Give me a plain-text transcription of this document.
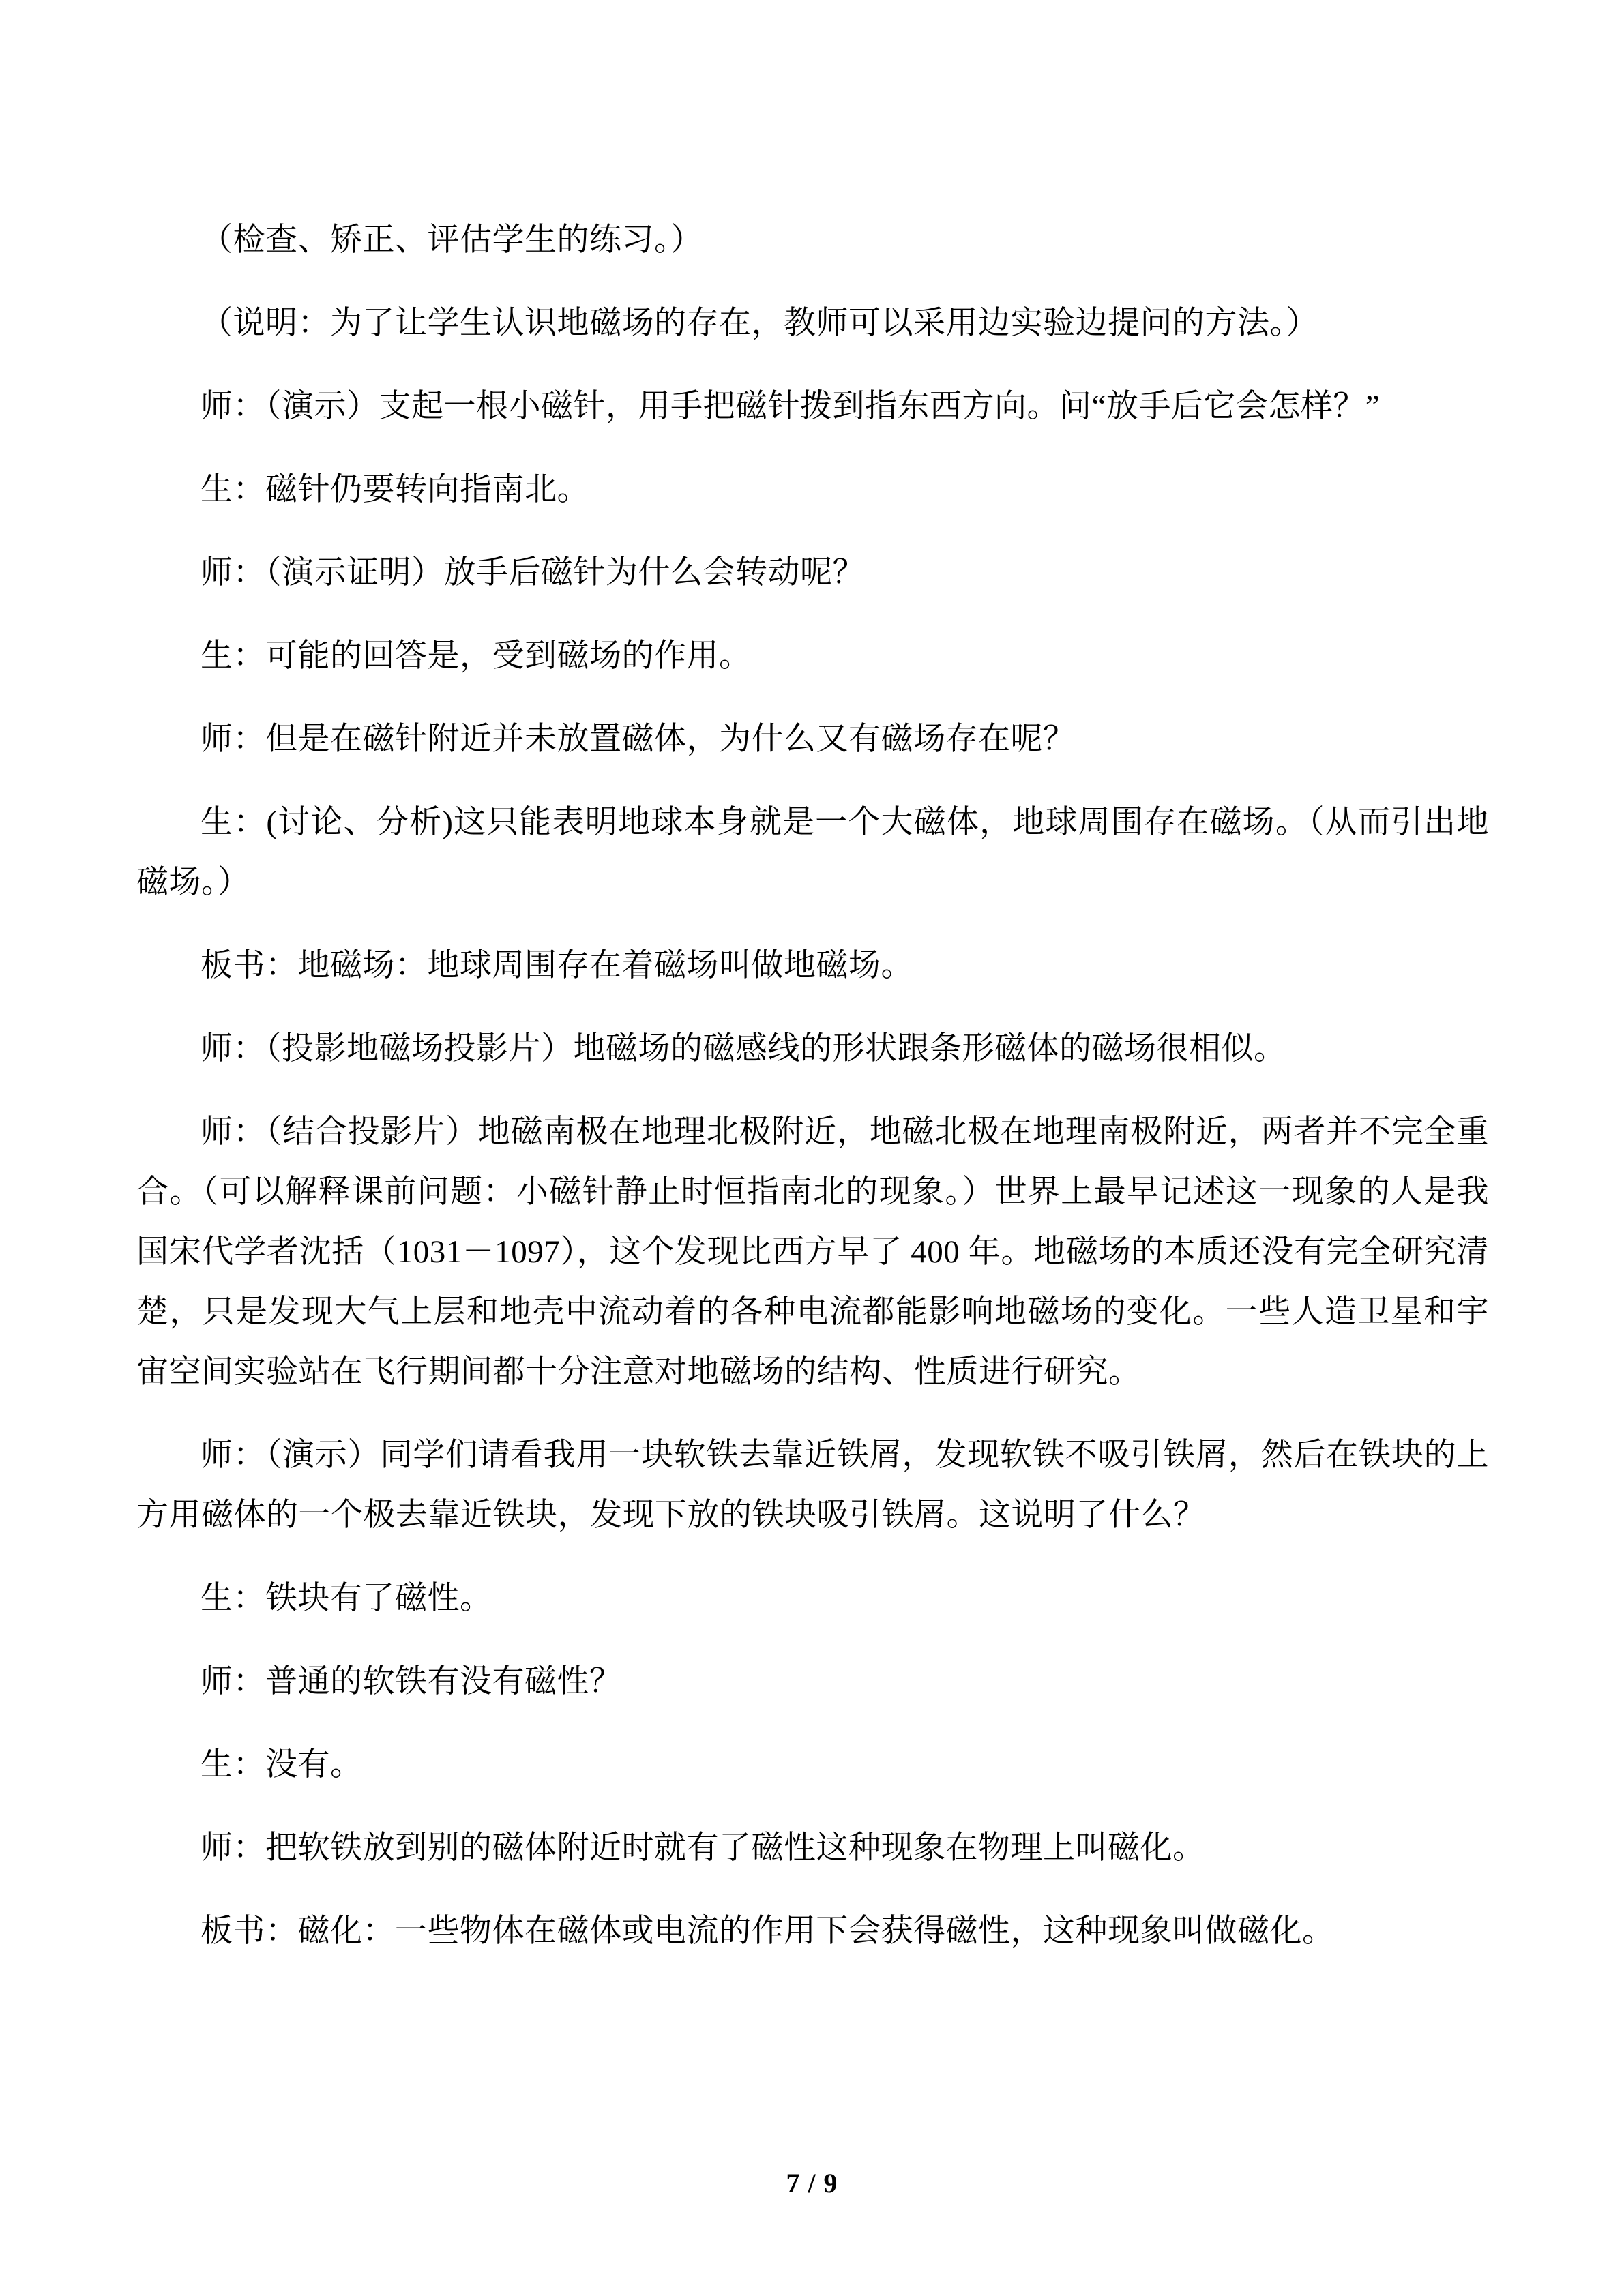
（检查、矫正、评估学生的练习。）

（说明：为了让学生认识地磁场的存在，教师可以采用边实验边提问的方法。）

师：（演示）支起一根小磁针，用手把磁针拨到指东西方向。问“放手后它会怎样？”

生：磁针仍要转向指南北。

师：（演示证明）放手后磁针为什么会转动呢？

生：可能的回答是，受到磁场的作用。

师：但是在磁针附近并未放置磁体，为什么又有磁场存在呢？

生：(讨论、分析)这只能表明地球本身就是一个大磁体，地球周围存在磁场。（从而引出地磁场。）

板书：地磁场：地球周围存在着磁场叫做地磁场。

师：（投影地磁场投影片）地磁场的磁感线的形状跟条形磁体的磁场很相似。

师：（结合投影片）地磁南极在地理北极附近，地磁北极在地理南极附近，两者并不完全重合。（可以解释课前问题：小磁针静止时恒指南北的现象。）世界上最早记述这一现象的人是我国宋代学者沈括（1031－1097），这个发现比西方早了 400 年。地磁场的本质还没有完全研究清楚，只是发现大气上层和地壳中流动着的各种电流都能影响地磁场的变化。一些人造卫星和宇宙空间实验站在飞行期间都十分注意对地磁场的结构、性质进行研究。

师：（演示）同学们请看我用一块软铁去靠近铁屑，发现软铁不吸引铁屑，然后在铁块的上方用磁体的一个极去靠近铁块，发现下放的铁块吸引铁屑。这说明了什么？

生：铁块有了磁性。

师：普通的软铁有没有磁性？

生：没有。

师：把软铁放到别的磁体附近时就有了磁性这种现象在物理上叫磁化。

板书：磁化：一些物体在磁体或电流的作用下会获得磁性，这种现象叫做磁化。

7 / 9
